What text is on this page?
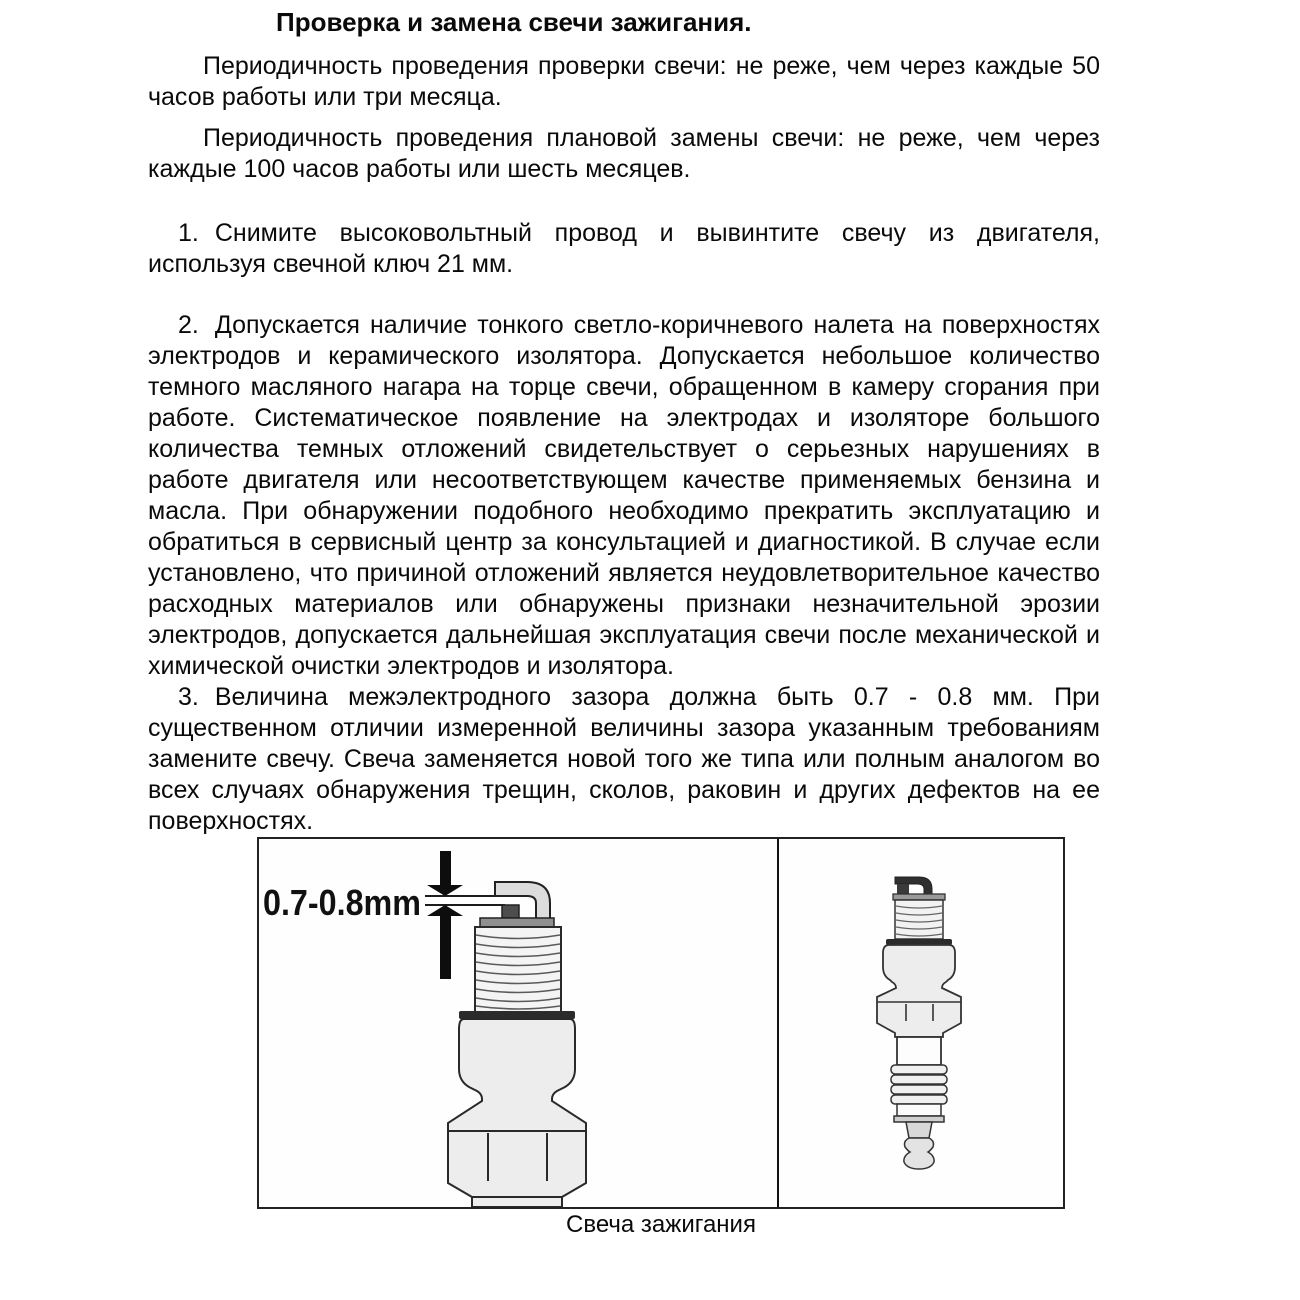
Проверка и замена свечи зажигания.

Периодичность проведения проверки свечи: не реже, чем через каждые 50 часов работы или три месяца.

Периодичность проведения плановой замены свечи: не реже, чем через каждые 100 часов работы или шесть месяцев.

1. Снимите высоковольтный провод и вывинтите свечу из двигателя, используя свечной ключ 21 мм.

2. Допускается наличие тонкого светло-коричневого налета на поверхностях электродов и керамического изолятора. Допускается небольшое количество темного масляного нагара на торце свечи, обращенном в камеру сгорания при работе. Систематическое появление на электродах и изоляторе большого количества темных отложений свидетельствует о серьезных нарушениях в работе двигателя или несоответствующем качестве применяемых бензина и масла. При обнаружении подобного необходимо прекратить эксплуатацию и обратиться в сервисный центр за консультацией и диагностикой. В случае если установлено, что причиной отложений является неудовлетворительное качество расходных материалов или обнаружены признаки незначительной эрозии электродов, допускается дальнейшая эксплуатация свечи после механической и химической очистки электродов и изолятора.

3. Величина межэлектродного зазора должна быть 0.7 - 0.8 мм. При существенном отличии измеренной величины зазора указанным требованиям замените свечу. Свеча заменяется новой того же типа или полным аналогом во всех случаях обнаружения трещин, сколов, раковин и других дефектов на ее поверхностях.

0.7-0.8mm
Свеча зажигания
